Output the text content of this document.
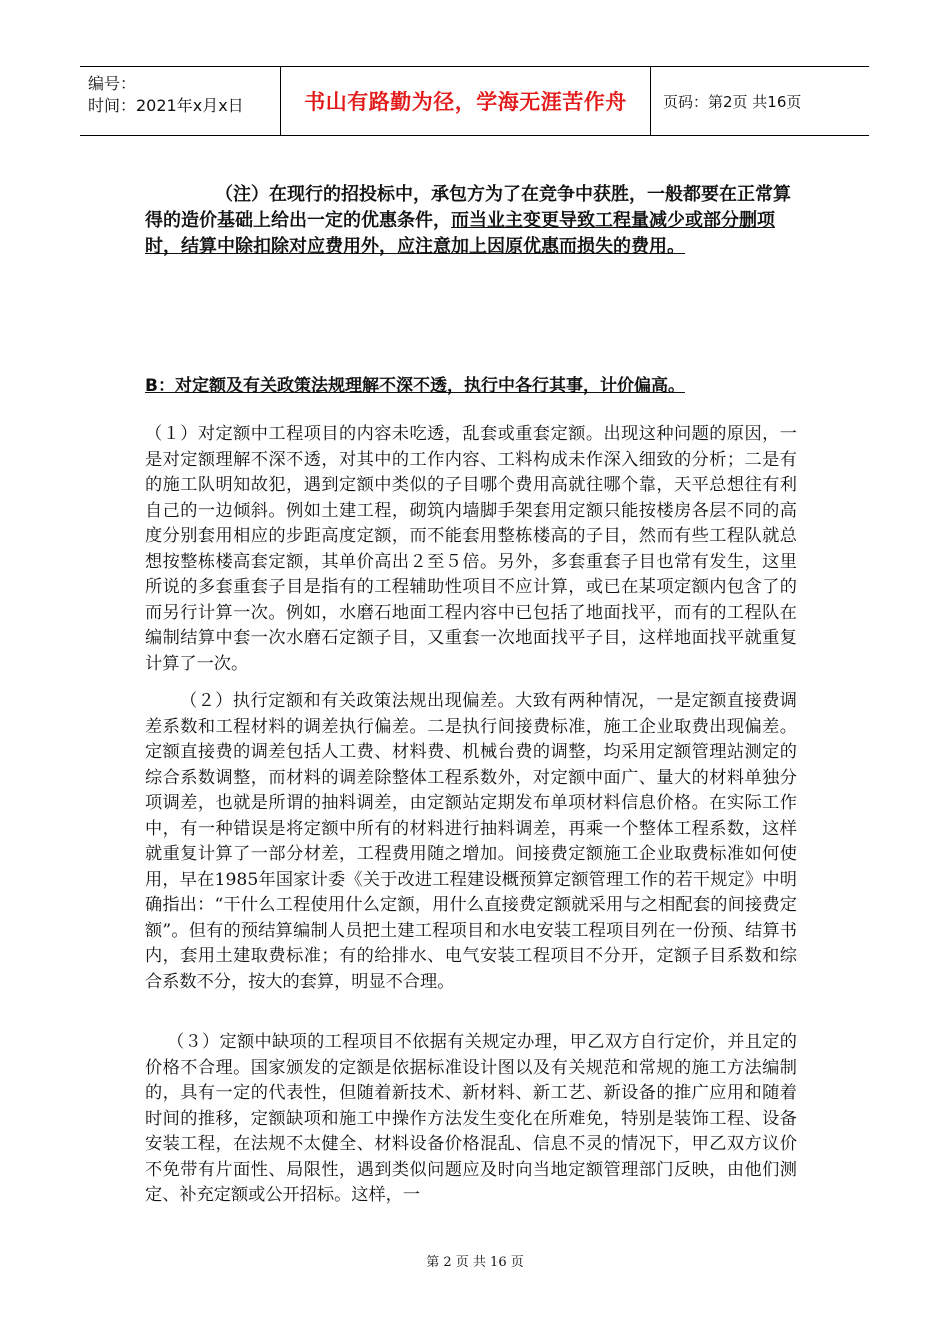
编号：
时间：2021年x月x日	书山有路勤为径，学海无涯苦作舟	页码：第2页 共16页

（注）在现行的招投标中，承包方为了在竞争中获胜，一般都要在正常算得的造价基础上给出一定的优惠条件，而当业主变更导致工程量减少或部分删项时，结算中除扣除对应费用外，应注意加上因原优惠而损失的费用。

B：对定额及有关政策法规理解不深不透，执行中各行其事，计价偏高。

（１）对定额中工程项目的内容未吃透，乱套或重套定额。出现这种问题的原因，一是对定额理解不深不透，对其中的工作内容、工料构成未作深入细致的分析；二是有的施工队明知故犯，遇到定额中类似的子目哪个费用高就往哪个靠，天平总想往有利自己的一边倾斜。例如土建工程，砌筑内墙脚手架套用定额只能按楼房各层不同的高度分别套用相应的步距高度定额，而不能套用整栋楼高的子目，然而有些工程队就总想按整栋楼高套定额，其单价高出２至５倍。另外，多套重套子目也常有发生，这里所说的多套重套子目是指有的工程辅助性项目不应计算，或已在某项定额内包含了的而另行计算一次。例如，水磨石地面工程内容中已包括了地面找平，而有的工程队在编制结算中套一次水磨石定额子目，又重套一次地面找平子目，这样地面找平就重复计算了一次。

（２）执行定额和有关政策法规出现偏差。大致有两种情况，一是定额直接费调差系数和工程材料的调差执行偏差。二是执行间接费标准，施工企业取费出现偏差。定额直接费的调差包括人工费、材料费、机械台费的调整，均采用定额管理站测定的综合系数调整，而材料的调差除整体工程系数外，对定额中面广、量大的材料单独分项调差，也就是所谓的抽料调差，由定额站定期发布单项材料信息价格。在实际工作中，有一种错误是将定额中所有的材料进行抽料调差，再乘一个整体工程系数，这样就重复计算了一部分材差，工程费用随之增加。间接费定额施工企业取费标准如何使用，早在1985年国家计委《关于改进工程建设概预算定额管理工作的若干规定》中明确指出：“干什么工程使用什么定额，用什么直接费定额就采用与之相配套的间接费定额”。但有的预结算编制人员把土建工程项目和水电安装工程项目列在一份预、结算书内，套用土建取费标准；有的给排水、电气安装工程项目不分开，定额子目系数和综合系数不分，按大的套算，明显不合理。

（３）定额中缺项的工程项目不依据有关规定办理，甲乙双方自行定价，并且定的价格不合理。国家颁发的定额是依据标准设计图以及有关规范和常规的施工方法编制的，具有一定的代表性，但随着新技术、新材料、新工艺、新设备的推广应用和随着时间的推移，定额缺项和施工中操作方法发生变化在所难免，特别是装饰工程、设备安装工程，在法规不太健全、材料设备价格混乱、信息不灵的情况下，甲乙双方议价不免带有片面性、局限性，遇到类似问题应及时向当地定额管理部门反映，由他们测定、补充定额或公开招标。这样，一

第 2 页 共 16 页
